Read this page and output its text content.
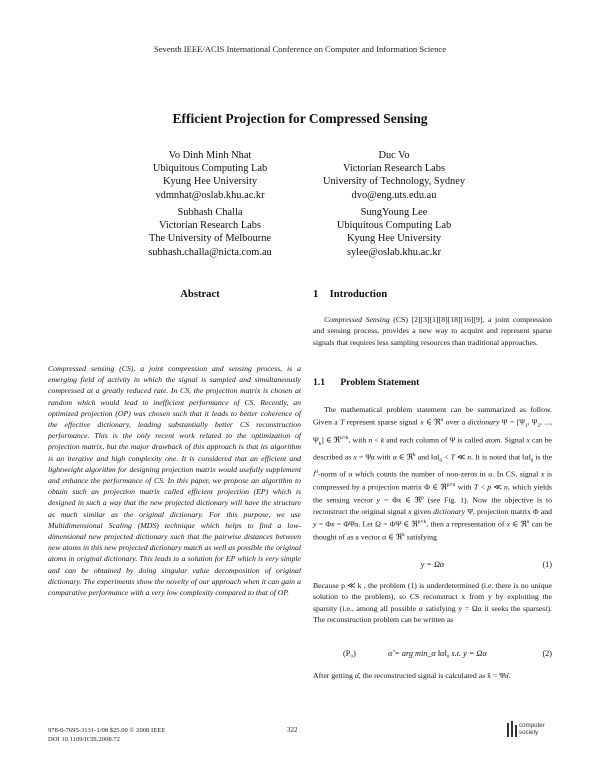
Seventh IEEE/ACIS International Conference on Computer and Information Science
Efficient Projection for Compressed Sensing
Vo Dinh Minh Nhat
Ubiquitous Computing Lab
Kyung Hee University
vdmnhat@oslab.khu.ac.kr
Duc Vo
Victorian Research Labs
University of Technology, Sydney
dvo@eng.uts.edu.au
Subhash Challa
Victorian Research Labs
The University of Melbourne
subhash.challa@nicta.com.au
SungYoung Lee
Ubiquitous Computing Lab
Kyung Hee University
sylee@oslab.khu.ac.kr
Abstract

Compressed sensing (CS), a joint compression and sensing process, is a emerging field of activity in which the signal is sampled and simultaneously compressed at a greatly reduced rate. In CS, the projection matrix is chosen at random which would lead to inefficient performance of CS. Recently, an optimized projection (OP) was chosen such that it leads to better coherence of the effective dictionary, leading substantially better CS reconstruction performance. This is the only recent work related to the optimization of projection matrix, but the major drawback of this approach is that its algorithm is an iterative and high complexity one. It is considered that an efficient and lightweight algorithm for designing projection matrix would usefully supplement and enhance the performance of CS. In this paper, we propose an algorithm to obtain such an projection matrix called efficient projection (EP) which is designed in such a way that the new projected dictionary will have the structure as much similar as the original dictionary. For this purpose, we use Multidimensional Scaling (MDS) technique which helps to find a low-dimensional new projected dictionary such that the pairwise distances between new atoms in this new projected dictionary match as well as possible the original atoms in original dictionary. This leads to a solution for EP which is very simple and can be obtained by doing singular value decomposition of original dictionary. The experiments show the novelty of our approach when it can gain a comparative performance with a very low complexity compared to that of OP.

1 Introduction

Compressed Sensing (CS) [2][3][1][8][18][16][9], a joint compression and sensing process, provides a new way to acquire and represent sparse signals that requires less sampling resources than traditional approaches.

1.1 Problem Statement

The mathematical problem statement can be summarized as follow. Given a T represent sparse signal x ∈ ℜ$^n$ over a dictionary $\Psi = [\Psi_1$, $\Psi_2$, ..., $\Psi_k$] ∈ ℜ$^{n\times k}$, with n < k and each column of Ψ is called atom. Signal x can be described as x = Ψα with α ∈ ℜ$^k$ and $‖\alpha‖_0 < T$ ≪ n. It is noted that $‖\alpha‖_0$ is the $l^0$-norm of α which counts the number of non-zeros in α. In CS, signal x is compressed by a projection matrix Φ ∈ ℜ$^{p\times n}$ with T < p ≪ n, which yields the sensing vector y = Φx ∈ ℜ$^p$ (see Fig. 1). Now the objective is to reconstruct the original signal x given dictionary Ψ, projection matrix Φ and y = Φx = ΦΨα. Let Ω = ΦΨ ∈ ℜ$^{p\times k}$, then a representation of x ∈ ℜ$^n$ can be thought of as a vector α ∈ ℜ$^k$ satisfying

y = Ωα	(1)

Because p ≪ k , the problem (1) is underdetermined (i.e. there is no unique solution to the problem), so CS reconstruct x from y by exploiting the sparsity (i.e., among all possible α satisfying y = Ωα it seeks the sparsest). The reconstruction problem can be written as

(P₀)	α̂ = arg min_α ‖α‖₀ s.t. y = Ωα	(2)

After getting α̂, the reconstructed signal is calculated as x̂ = Ψα̂.

978-0-7695-3131-1/08 $25.00 © 2008 IEEE
DOI 10.1109/ICIS.2008.72
322
computer
society
